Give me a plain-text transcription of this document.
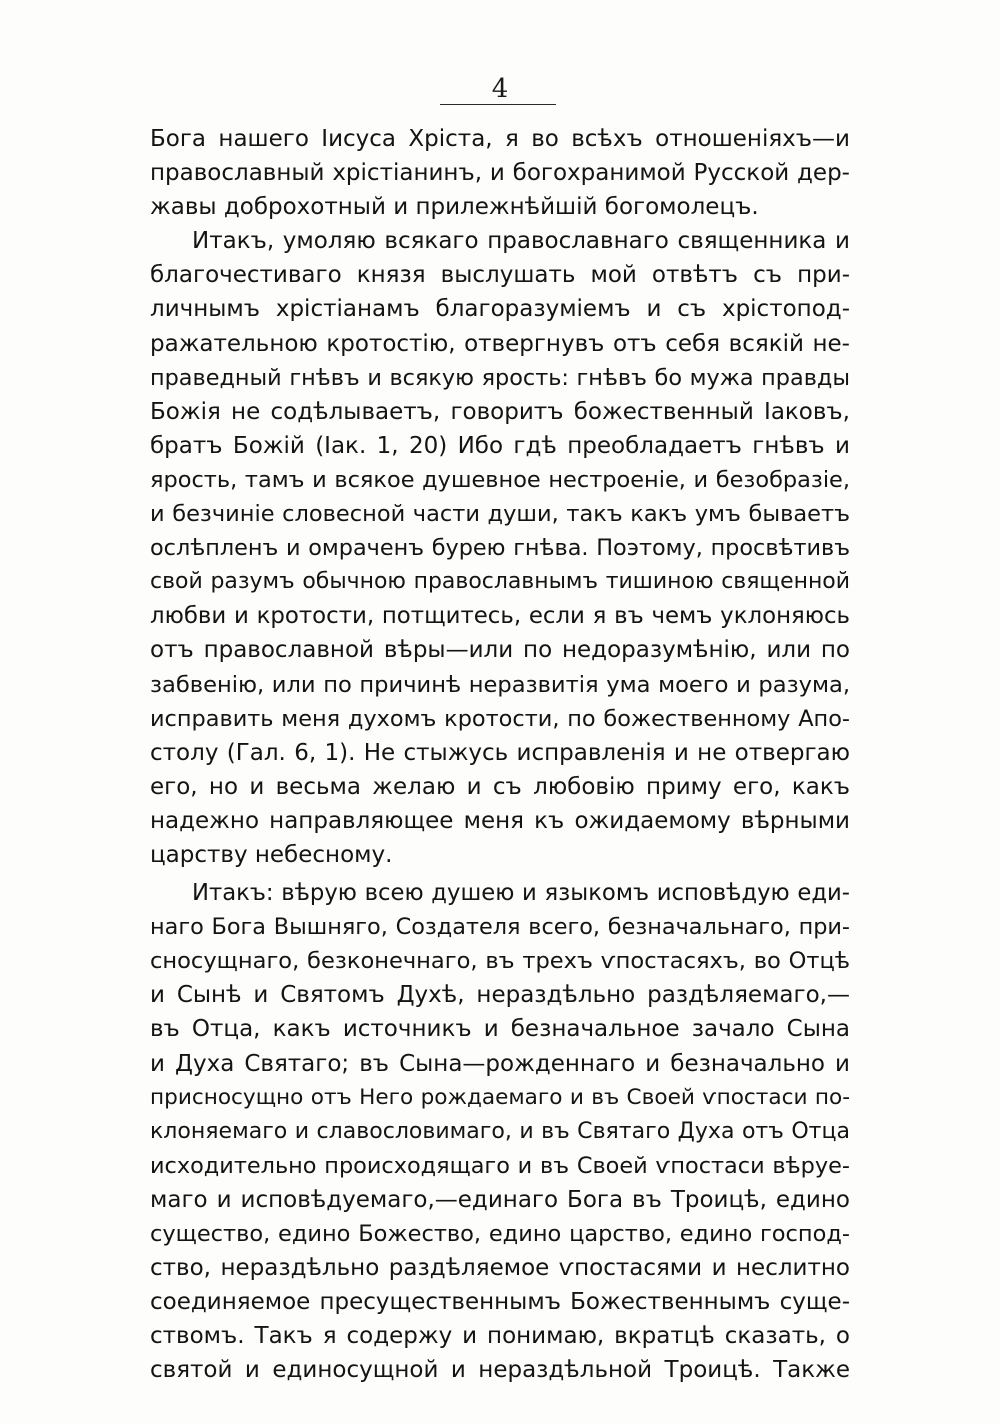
4
Бога нашего Іисуса Хріста, я во всѣхъ отношеніяхъ—и
православный хрістіанинъ, и богохранимой Русской дер-
жавы доброхотный и прилежнѣйшій богомолецъ.
Итакъ, умоляю всякаго православнаго священника и
благочестиваго князя выслушать мой отвѣтъ съ при-
личнымъ хрістіанамъ благоразуміемъ и съ хрістопод-
ражательною кротостію, отвергнувъ отъ себя всякій не-
праведный гнѣвъ и всякую ярость: гнѣвъ бо мужа правды
Божія не содѣлываетъ, говоритъ божественный Іаковъ,
братъ Божій (Іак. 1, 20) Ибо гдѣ преобладаетъ гнѣвъ и
ярость, тамъ и всякое душевное нестроеніе, и безобразіе,
и безчиніе словесной части души, такъ какъ умъ бываетъ
ослѣпленъ и омраченъ бурею гнѣва. Поэтому, просвѣтивъ
свой разумъ обычною православнымъ тишиною священной
любви и кротости, потщитесь, если я въ чемъ уклоняюсь
отъ православной вѣры—или по недоразумѣнію, или по
забвенію, или по причинѣ неразвитія ума моего и разума,
исправить меня духомъ кротости, по божественному Апо-
столу (Гал. 6, 1). Не стыжусь исправленія и не отвергаю
его, но и весьма желаю и съ любовію приму его, какъ
надежно направляющее меня къ ожидаемому вѣрными
царству небесному.
Итакъ: вѣрую всею душею и языкомъ исповѣдую еди-
наго Бога Вышняго, Создателя всего, безначальнаго, при-
сносущнаго, безконечнаго, въ трехъ ѵпостасяхъ, во Отцѣ
и Сынѣ и Святомъ Духѣ, нераздѣльно раздѣляемаго,—
въ Отца, какъ источникъ и безначальное зачало Сына
и Духа Святаго; въ Сына—рожденнаго и безначально и
присносущно отъ Него рождаемаго и въ Своей ѵпостаси по-
клоняемаго и славословимаго, и въ Святаго Духа отъ Отца
исходительно происходящаго и въ Своей ѵпостаси вѣруе-
маго и исповѣдуемаго,—единаго Бога въ Троицѣ, едино
существо, едино Божество, едино царство, едино господ-
ство, нераздѣльно раздѣляемое ѵпостасями и неслитно
соединяемое пресущественнымъ Божественнымъ суще-
ствомъ. Такъ я содержу и понимаю, вкратцѣ сказать, о
святой и единосущной и нераздѣльной Троицѣ. Также
